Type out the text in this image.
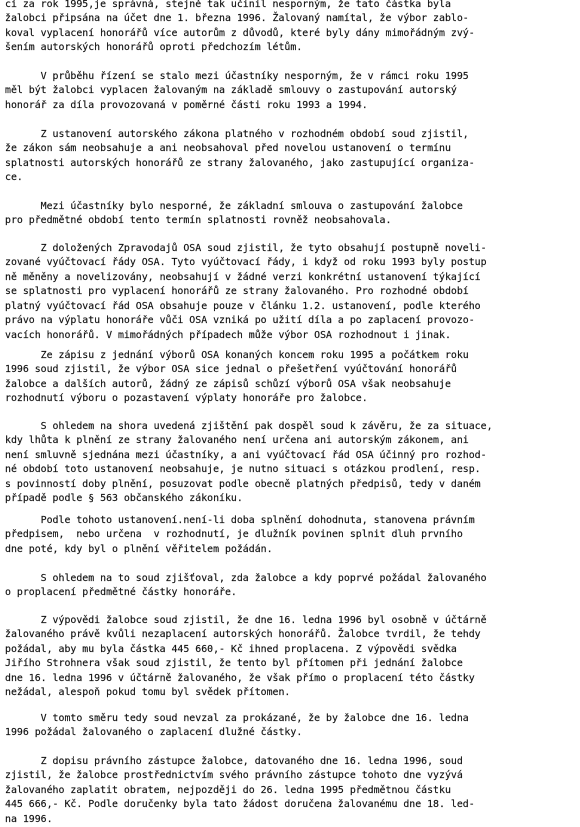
cí za rok 1995,je správná, stejně tak učinil nesporným, že tato částka byla
žalobci připsána na účet dne 1. března 1996. Žalovaný namítal, že výbor zablo-
koval vyplacení honorářů více autorům z důvodů, které byly dány mimořádným zvý-
šením autorských honorářů oproti předchozím létům.
V průběhu řízení se stalo mezi účastníky nesporným, že v rámci roku 1995
měl být žalobci vyplacen žalovaným na základě smlouvy o zastupování autorský
honorář za díla provozovaná v poměrné části roku 1993 a 1994.
Z ustanovení autorského zákona platného v rozhodném období soud zjistil,
že zákon sám neobsahuje a ani neobsahoval před novelou ustanovení o termínu
splatnosti autorských honorářů ze strany žalovaného, jako zastupující organiza-
ce.
Mezi účastníky bylo nesporné, že základní smlouva o zastupování žalobce
pro předmětné období tento termín splatnosti rovněž neobsahovala.
Z doložených Zpravodajů OSA soud zjistil, že tyto obsahují postupně noveli-
zované vyúčtovací řády OSA. Tyto vyúčtovací řády, i když od roku 1993 byly postup
ně měněny a novelizovány, neobsahují v žádné verzi konkrétní ustanovení týkající
se splatnosti pro vyplacení honorářů ze strany žalovaného. Pro rozhodné období
platný vyúčtovací řád OSA obsahuje pouze v článku 1.2. ustanovení, podle kterého
právo na výplatu honoráře vůči OSA vzniká po užití díla a po zaplacení provozo-
vacích honorářů. V mimořádných případech může výbor OSA rozhodnout i jinak.
Ze zápisu z jednání výborů OSA konaných koncem roku 1995 a počátkem roku
1996 soud zjistil, že výbor OSA sice jednal o přešetření vyúčtování honorářů
žalobce a dalších autorů, žádný ze zápisů schůzí výborů OSA však neobsahuje
rozhodnutí výboru o pozastavení výplaty honoráře pro žalobce.
S ohledem na shora uvedená zjištění pak dospěl soud k závěru, že za situace,
kdy lhůta k plnění ze strany žalovaného není určena ani autorským zákonem, ani
není smluvně sjednána mezi účastníky, a ani vyúčtovací řád OSA účinný pro rozhod-
né období toto ustanovení neobsahuje, je nutno situaci s otázkou prodlení, resp.
s povinností doby plnění, posuzovat podle obecně platných předpisů, tedy v daném
případě podle § 563 občanského zákoníku.
Podle tohoto ustanovení.není-li doba splnění dohodnuta, stanovena právním
předpisem,  nebo určena  v rozhodnutí, je dlužník povinen splnit dluh prvního
dne poté, kdy byl o plnění věřitelem požádán.
S ohledem na to soud zjišťoval, zda žalobce a kdy poprvé požádal žalovaného
o proplacení předmětné částky honoráře.
Z výpovědi žalobce soud zjistil, že dne 16. ledna 1996 byl osobně v účtárně
žalovaného právě kvůli nezaplacení autorských honorářů. Žalobce tvrdil, že tehdy
požádal, aby mu byla částka 445 660,- Kč ihned proplacena. Z výpovědi svědka
Jiřího Strohnera však soud zjistil, že tento byl přítomen při jednání žalobce
dne 16. ledna 1996 v účtárně žalovaného, že však přímo o proplacení této částky
nežádal, alespoň pokud tomu byl svědek přítomen.
V tomto směru tedy soud nevzal za prokázané, že by žalobce dne 16. ledna
1996 požádal žalovaného o zaplacení dlužné částky.
Z dopisu právního zástupce žalobce, datovaného dne 16. ledna 1996, soud
zjistil, že žalobce prostřednictvím svého právního zástupce tohoto dne vyzývá
žalovaného zaplatit obratem, nejpozději do 26. ledna 1995 předmětnou částku
445 666,- Kč. Podle doručenky byla tato žádost doručena žalovanému dne 18. led-
na 1996.
